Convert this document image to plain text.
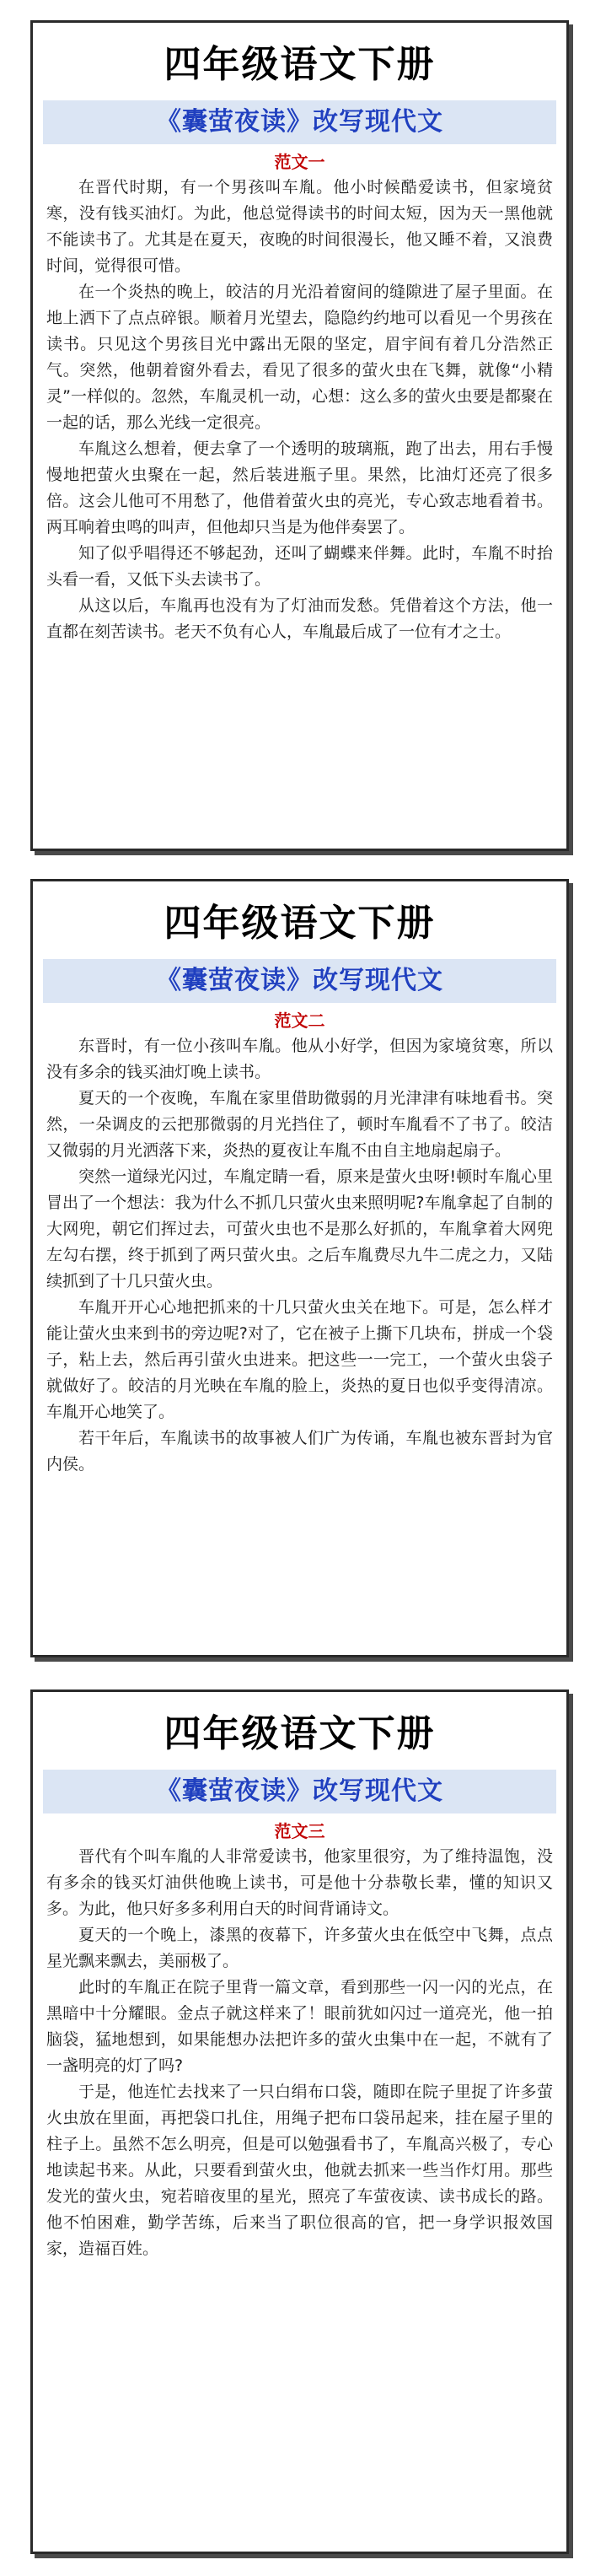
四年级语文下册
《囊萤夜读》改写现代文
范文一

在晋代时期，有一个男孩叫车胤。他小时候酷爱读书，但家境贫寒，没有钱买油灯。为此，他总觉得读书的时间太短，因为天一黑他就不能读书了。尤其是在夏天，夜晚的时间很漫长，他又睡不着，又浪费时间，觉得很可惜。

在一个炎热的晚上，皎洁的月光沿着窗间的缝隙进了屋子里面。在地上洒下了点点碎银。顺着月光望去，隐隐约约地可以看见一个男孩在读书。只见这个男孩目光中露出无限的坚定，眉宇间有着几分浩然正气。突然，他朝着窗外看去，看见了很多的萤火虫在飞舞，就像“小精灵”一样似的。忽然，车胤灵机一动，心想：这么多的萤火虫要是都聚在一起的话，那么光线一定很亮。

车胤这么想着，便去拿了一个透明的玻璃瓶，跑了出去，用右手慢慢地把萤火虫聚在一起，然后装进瓶子里。果然，比油灯还亮了很多倍。这会儿他可不用愁了，他借着萤火虫的亮光，专心致志地看着书。两耳响着虫鸣的叫声，但他却只当是为他伴奏罢了。

知了似乎唱得还不够起劲，还叫了蝴蝶来伴舞。此时，车胤不时抬头看一看，又低下头去读书了。

从这以后，车胤再也没有为了灯油而发愁。凭借着这个方法，他一直都在刻苦读书。老天不负有心人，车胤最后成了一位有才之士。

四年级语文下册
《囊萤夜读》改写现代文
范文二

东晋时，有一位小孩叫车胤。他从小好学，但因为家境贫寒，所以没有多余的钱买油灯晚上读书。

夏天的一个夜晚，车胤在家里借助微弱的月光津津有味地看书。突然，一朵调皮的云把那微弱的月光挡住了，顿时车胤看不了书了。皎洁又微弱的月光洒落下来，炎热的夏夜让车胤不由自主地扇起扇子。

突然一道绿光闪过，车胤定睛一看，原来是萤火虫呀!顿时车胤心里冒出了一个想法：我为什么不抓几只萤火虫来照明呢?车胤拿起了自制的大网兜，朝它们挥过去，可萤火虫也不是那么好抓的，车胤拿着大网兜左勾右摆，终于抓到了两只萤火虫。之后车胤费尽九牛二虎之力，又陆续抓到了十几只萤火虫。

车胤开开心心地把抓来的十几只萤火虫关在地下。可是，怎么样才能让萤火虫来到书的旁边呢?对了，它在被子上撕下几块布，拼成一个袋子，粘上去，然后再引萤火虫进来。把这些一一完工，一个萤火虫袋子就做好了。皎洁的月光映在车胤的脸上，炎热的夏日也似乎变得清凉。车胤开心地笑了。

若干年后，车胤读书的故事被人们广为传诵，车胤也被东晋封为官内侯。

四年级语文下册
《囊萤夜读》改写现代文
范文三

晋代有个叫车胤的人非常爱读书，他家里很穷，为了维持温饱，没有多余的钱买灯油供他晚上读书，可是他十分恭敬长辈，懂的知识又多。为此，他只好多多利用白天的时间背诵诗文。

夏天的一个晚上，漆黑的夜幕下，许多萤火虫在低空中飞舞，点点星光飘来飘去，美丽极了。

此时的车胤正在院子里背一篇文章，看到那些一闪一闪的光点，在黑暗中十分耀眼。金点子就这样来了！眼前犹如闪过一道亮光，他一拍脑袋，猛地想到，如果能想办法把许多的萤火虫集中在一起，不就有了一盏明亮的灯了吗?

于是，他连忙去找来了一只白绢布口袋，随即在院子里捉了许多萤火虫放在里面，再把袋口扎住，用绳子把布口袋吊起来，挂在屋子里的柱子上。虽然不怎么明亮，但是可以勉强看书了，车胤高兴极了，专心地读起书来。从此，只要看到萤火虫，他就去抓来一些当作灯用。那些发光的萤火虫，宛若暗夜里的星光，照亮了车萤夜读、读书成长的路。他不怕困难，勤学苦练，后来当了职位很高的官，把一身学识报效国家，造福百姓。
